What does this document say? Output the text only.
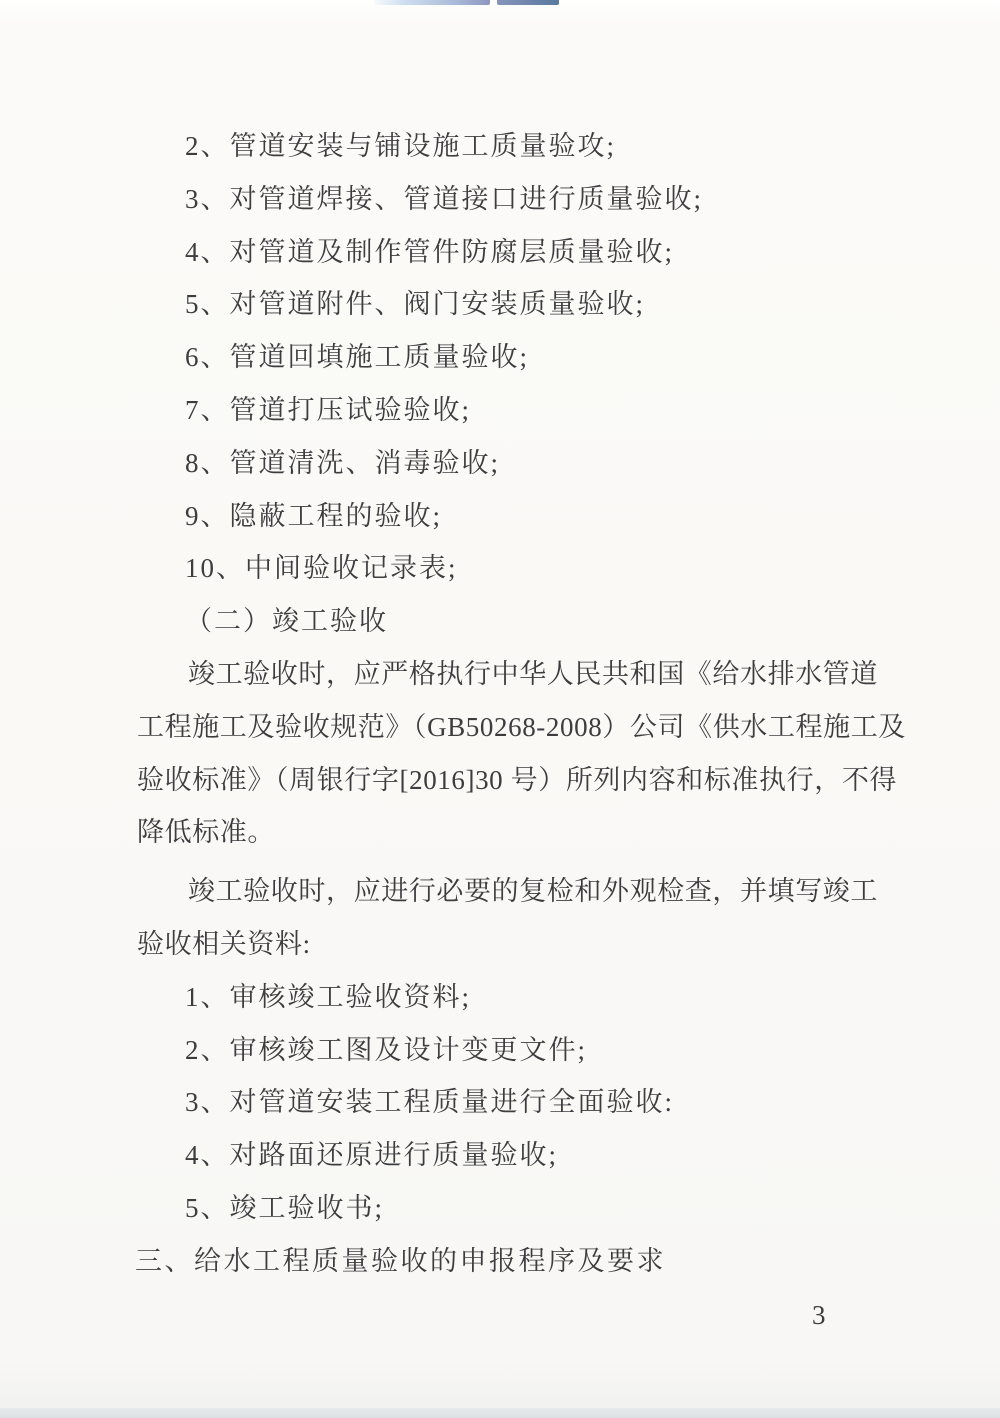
2、管道安装与铺设施工质量验攻;
3、对管道焊接、管道接口进行质量验收;
4、对管道及制作管件防腐层质量验收;
5、对管道附件、阀门安装质量验收;
6、管道回填施工质量验收;
7、管道打压试验验收;
8、管道清洗、消毒验收;
9、隐蔽工程的验收;
10、中间验收记录表;
（二）竣工验收
竣工验收时，应严格执行中华人民共和国《给水排水管道
工程施工及验收规范》（GB50268-2008）公司《供水工程施工及
验收标准》（周银行字[2016]30 号）所列内容和标准执行，不得
降低标准。
竣工验收时，应进行必要的复检和外观检查，并填写竣工
验收相关资料:
1、审核竣工验收资料;
2、审核竣工图及设计变更文件;
3、对管道安装工程质量进行全面验收:
4、对路面还原进行质量验收;
5、竣工验收书;
三、给水工程质量验收的申报程序及要求
3
